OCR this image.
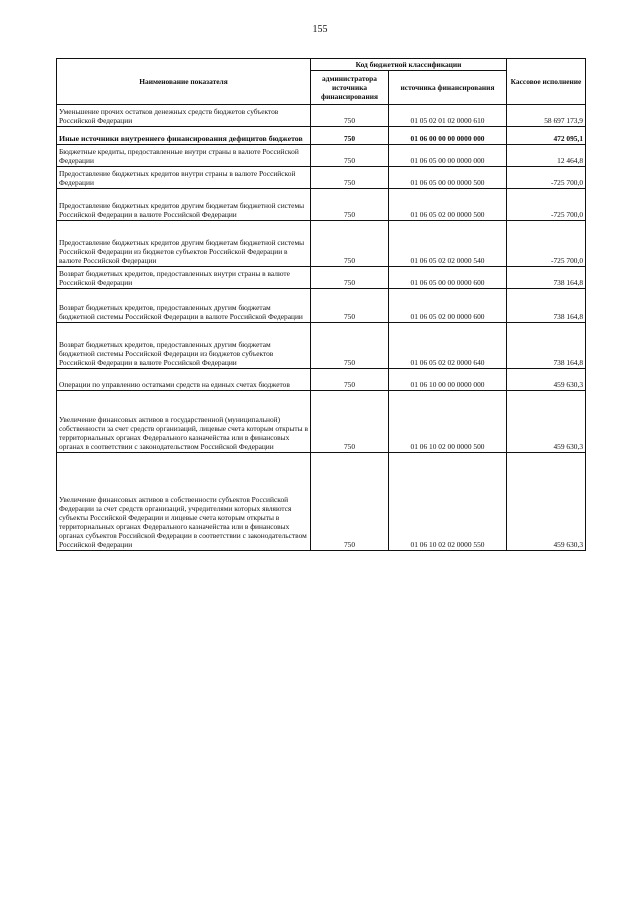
155
Наименование показателя	Код бюджетной классификации		Кассовое исполнение
	администратора источника финансирования	источника финансирования	
Уменьшение прочих остатков денежных средств бюджетов субъектов Российской Федерации	750	01 05 02 01 02 0000 610	58 697 173,9
Иные источники внутреннего финансирования дефицитов бюджетов	750	01 06 00 00 00 0000 000	472 095,1
Бюджетные кредиты, предоставленные внутри страны в валюте Российской Федерации	750	01 06 05 00 00 0000 000	12 464,8
Предоставление бюджетных кредитов внутри страны в валюте Российской Федерации	750	01 06 05 00 00 0000 500	-725 700,0
Предоставление бюджетных кредитов другим бюджетам бюджетной системы Российской Федерации в валюте Российской Федерации	750	01 06 05 02 00 0000 500	-725 700,0
Предоставление бюджетных кредитов другим бюджетам бюджетной системы Российской Федерации из бюджетов субъектов Российской Федерации в валюте Российской Федерации	750	01 06 05 02 02 0000 540	-725 700,0
Возврат бюджетных кредитов, предоставленных внутри страны в валюте Российской Федерации	750	01 06 05 00 00 0000 600	738 164,8
Возврат бюджетных кредитов, предоставленных другим бюджетам бюджетной системы Российской Федерации в валюте Российской Федерации	750	01 06 05 02 00 0000 600	738 164,8
Возврат бюджетных кредитов, предоставленных другим бюджетам бюджетной системы Российской Федерации из бюджетов субъектов Российской Федерации в валюте Российской Федерации	750	01 06 05 02 02 0000 640	738 164,8
Операции по управлению остатками средств на единых счетах бюджетов	750	01 06 10 00 00 0000 000	459 630,3
Увеличение финансовых активов в государственной (муниципальной) собственности за счет средств организаций, лицевые счета которым открыты в территориальных органах Федерального казначейства или в финансовых органах в соответствии с законодательством Российской Федерации	750	01 06 10 02 00 0000 500	459 630,3
Увеличение финансовых активов в собственности субъектов Российской Федерации за счет средств организаций, учредителями которых являются субъекты Российской Федерации и лицевые счета которым открыты в территориальных органах Федерального казначейства или в финансовых органах субъектов Российской Федерации в соответствии с законодательством Российской Федерации	750	01 06 10 02 02 0000 550	459 630,3
